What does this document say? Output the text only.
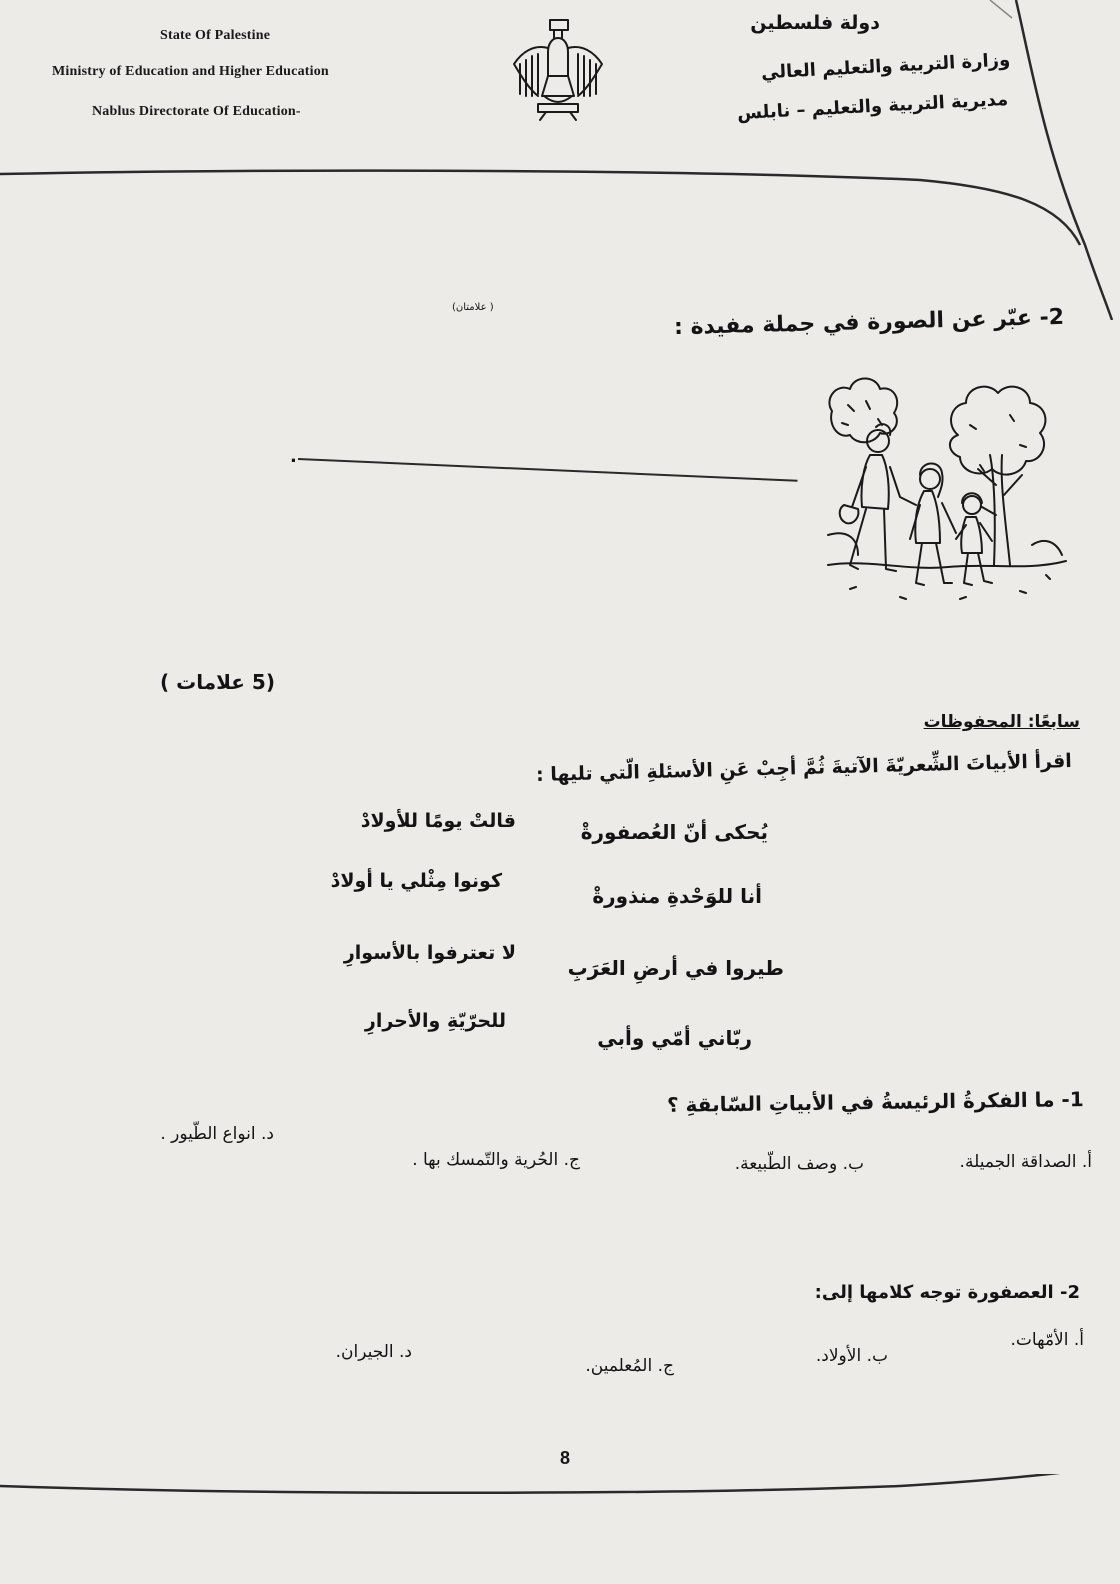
State Of Palestine
Ministry of Education and Higher Education
Nablus Directorate Of Education-
دولة فلسطين
وزارة التربية والتعليم العالي
مديرية التربية والتعليم – نابلس
2- عبّر عن الصورة في جملة مفيدة :
( علامتان)
.
(5 علامات )
سابعًا: المحفوظات
اقرأ الأبياتَ الشِّعريّةَ الآتيةَ ثُمَّ أجِبْ عَنِ الأسئلةِ الّتي تليها :
يُحكى أنّ العُصفورةْ
قالتْ يومًا للأولادْ
أنا للوَحْدةِ منذورةْ
كونوا مِثْلي يا أولادْ
طيروا في أرضِ العَرَبِ
لا تعترفوا بالأسوارِ
ربّاني أمّي وأبي
للحرّيّةِ والأحرارِ
1- ما الفكرةُ الرئيسةُ في الأبياتِ السّابقةِ ؟
أ. الصداقة الجميلة.
ب. وصف الطّبيعة.
ج. الحُرية والتّمسك بها .
د. انواع الطّيور .
2- العصفورة توجه كلامها إلى:
أ. الأمّهات.
ب. الأولاد.
ج. المُعلمين.
د. الجيران.
8
